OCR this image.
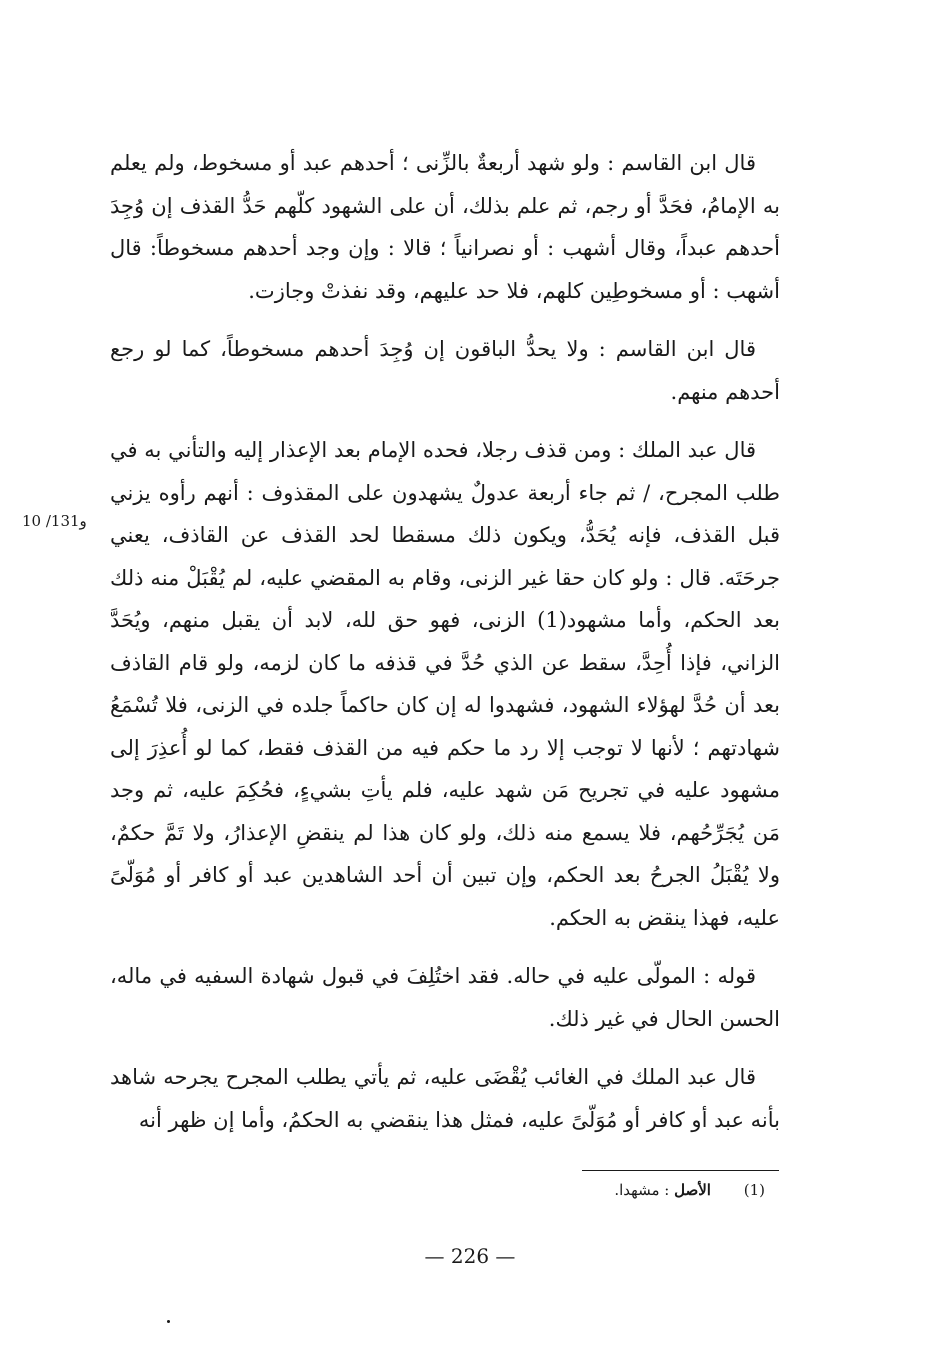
قال ابن القاسم : ولو شهد أربعةٌ بالزِّنى ؛ أحدهم عبد أو مسخوط، ولم يعلم به الإمامُ، فحَدَّ أو رجم، ثم علم بذلك، أن على الشهود كلّهم حَدُّ القذف إن وُجِدَ أحدهم عبداً، وقال أشهب : أو نصرانياً ؛ قالا : وإن وجد أحدهم مسخوطاً: قال أشهب : أو مسخوطِين كلهم، فلا حد عليهم، وقد نفذتْ وجازت.

قال ابن القاسم : ولا يحدُّ الباقون إن وُجِدَ أحدهم مسخوطاً، كما لو رجع أحدهم منهم.

قال عبد الملك : ومن قذف رجلا، فحده الإمام بعد الإعذار إليه والتأني به في طلب المجرح، / ثم جاء أربعة عدولٌ يشهدون على المقذوف : أنهم رأوه يزني قبل القذف، فإنه يُحَدُّ، ويكون ذلك مسقطا لحد القذف عن القاذف، يعني جرحَتَه. قال : ولو كان حقا غير الزنى، وقام به المقضي عليه، لم يُقْبَلْ منه ذلك بعد الحكم، وأما مشهود(1) الزنى، فهو حق لله، لابد أن يقبل منهم، ويُحَدَّ الزاني، فإذا أُحِدَّ، سقط عن الذي حُدَّ في قذفه ما كان لزمه، ولو قام القاذف بعد أن حُدَّ لهؤلاء الشهود، فشهدوا له إن كان حاكماً جلده في الزنى، فلا تُسْمَعُ شهادتهم ؛ لأنها لا توجب إلا رد ما حكم فيه من القذف فقط، كما لو أُعذِرَ إلى مشهود عليه في تجريح مَن شهد عليه، فلم يأتِ بشيءٍ، فحُكِمَ عليه، ثم وجد مَن يُجَرِّحُهم، فلا يسمع منه ذلك، ولو كان هذا لم ينقضِ الإعذارُ، ولا تَمَّ حكمٌ، ولا يُقْبَلُ الجرحُ بعد الحكم، وإن تبين أن أحد الشاهدين عبد أو كافر أو مُوَلّىً عليه، فهذا ينقض به الحكم.

قوله : المولّى عليه في حاله. فقد اختُلِفَ في قبول شهادة السفيه في ماله، الحسن الحال في غير ذلك.

قال عبد الملك في الغائب يُقْضَى عليه، ثم يأتي يطلب المجرح يجرحه شاهد بأنه عبد أو كافر أو مُوَلّىً عليه، فمثل هذا ينقضي به الحكمُ، وأما إن ظهر أنه

10 /131و
(1) الأصل : مشهدا.
— 226 —
